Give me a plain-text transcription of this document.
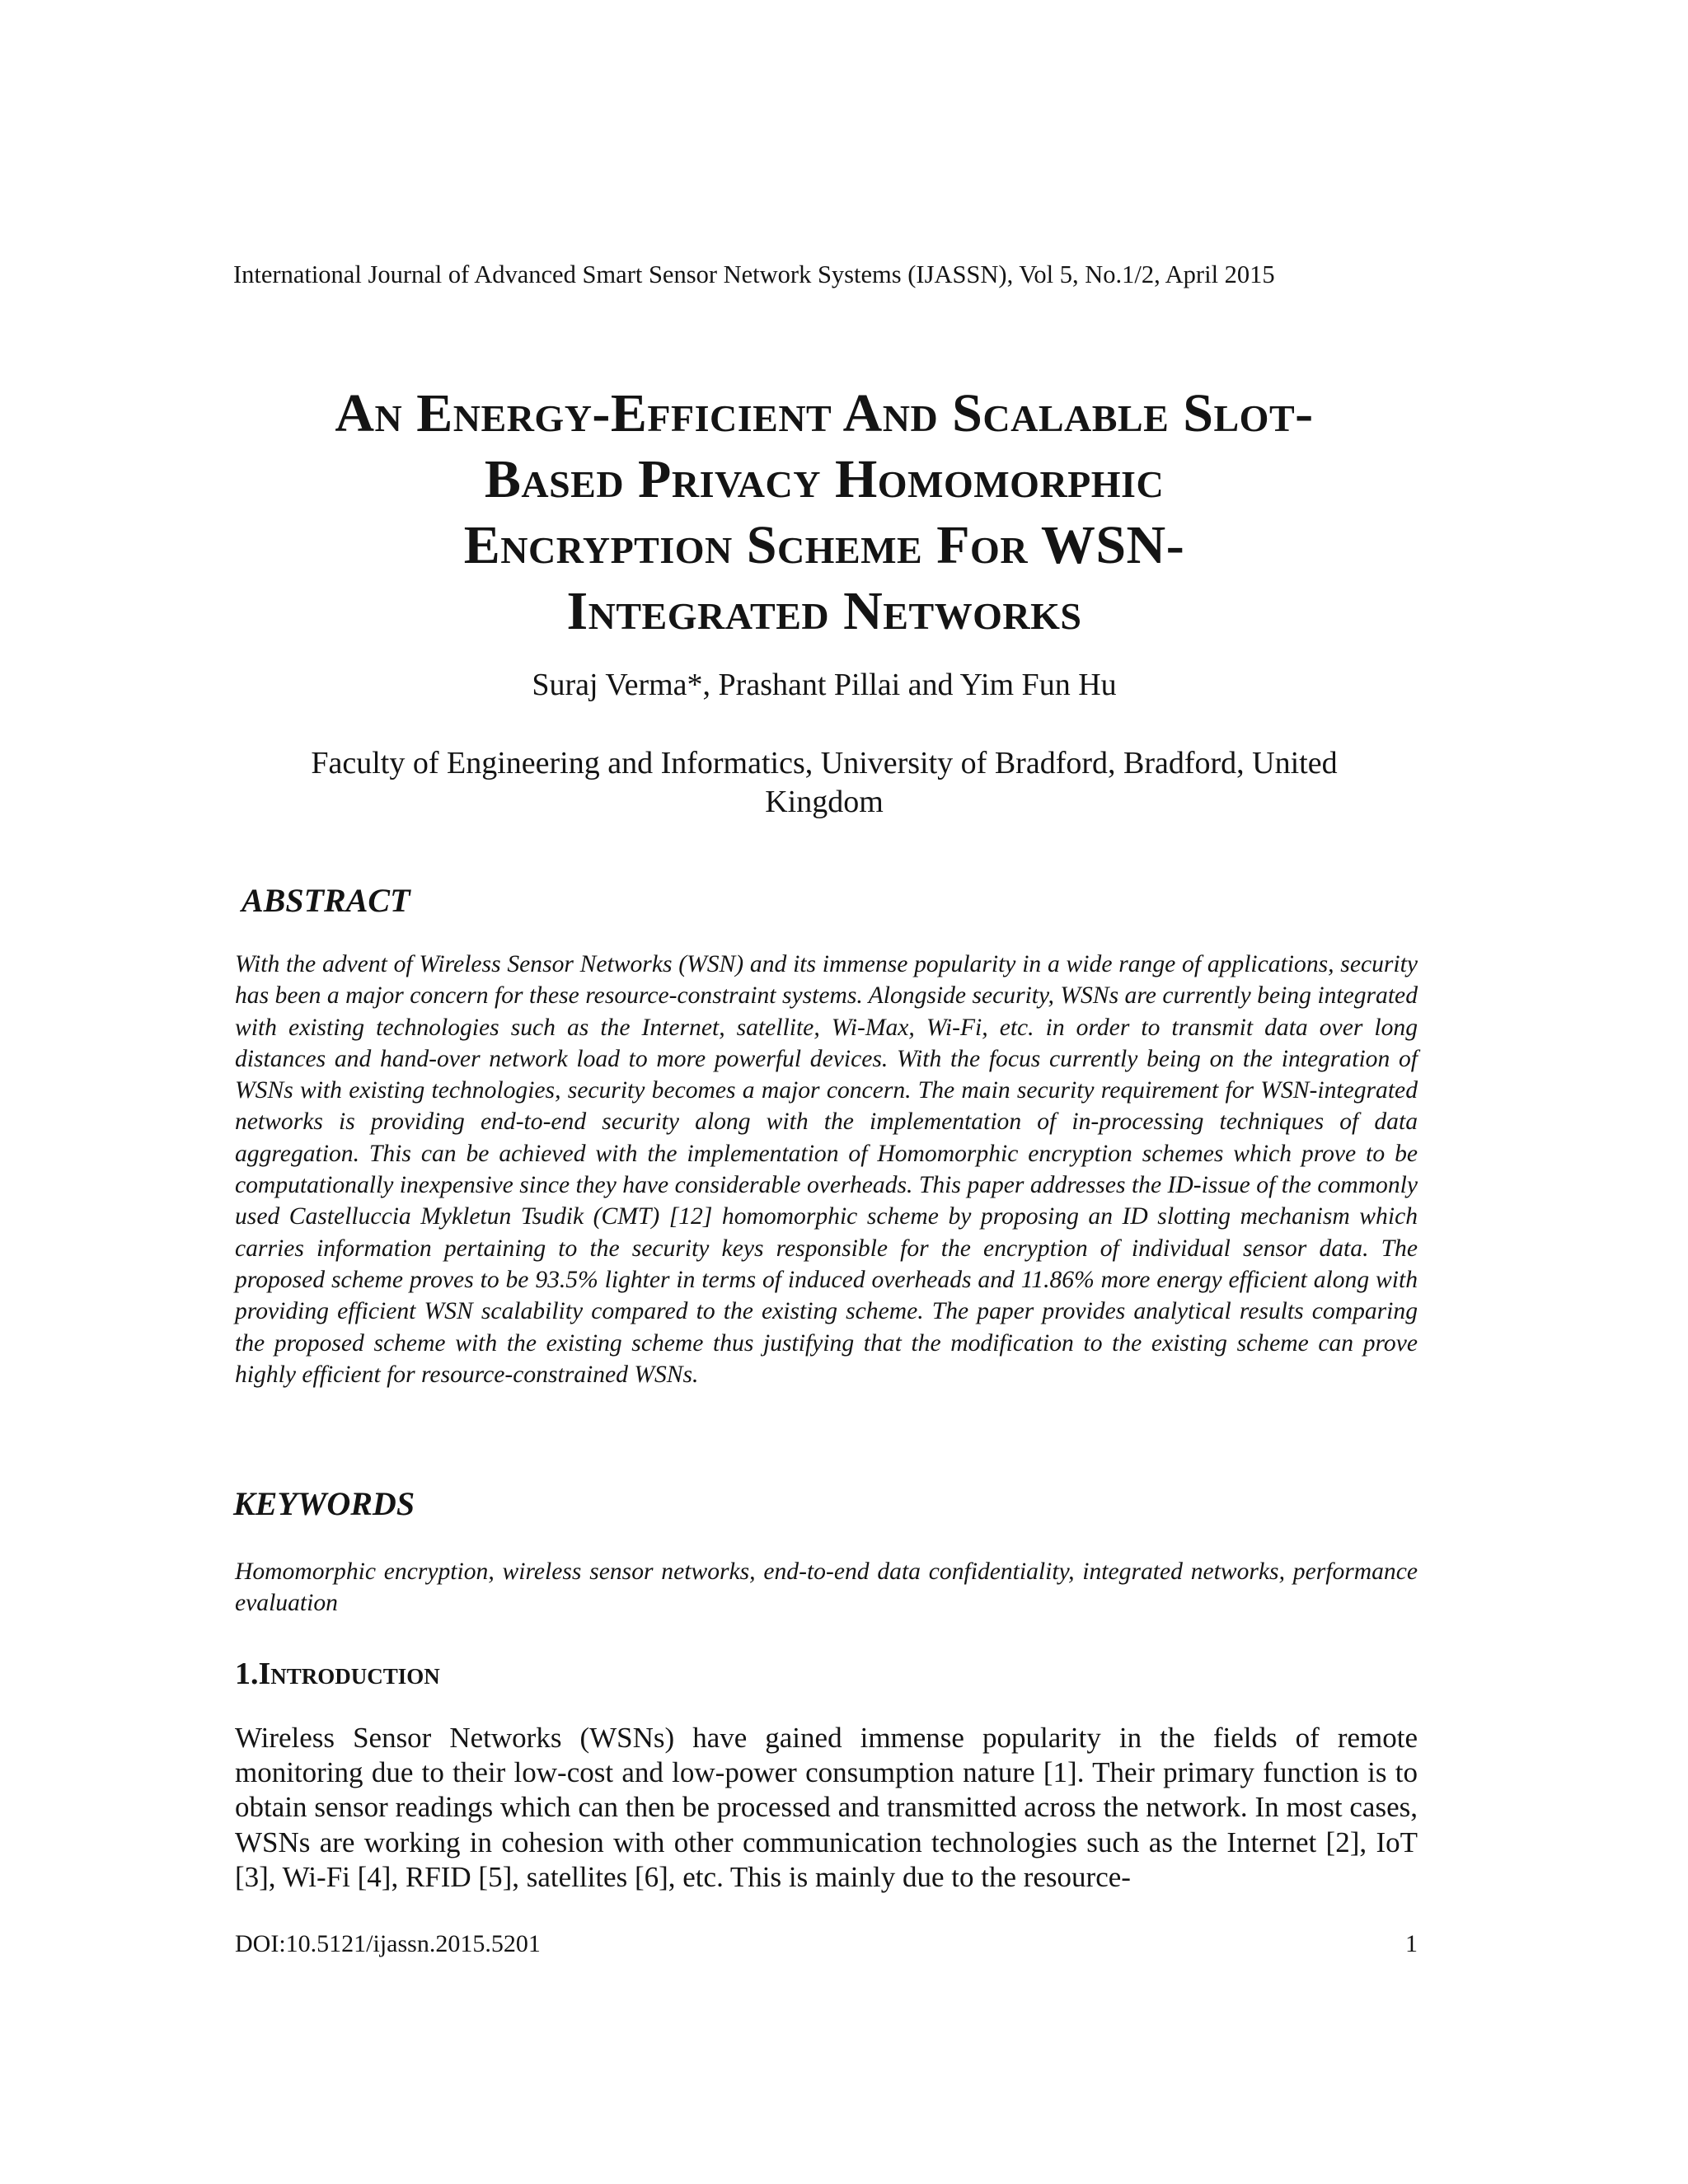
International Journal of Advanced Smart Sensor Network Systems (IJASSN), Vol 5, No.1/2, April 2015
An Energy-Efficient And Scalable Slot-
Based Privacy Homomorphic
Encryption Scheme For WSN-
Integrated Networks
Suraj Verma*, Prashant Pillai and Yim Fun Hu
Faculty of Engineering and Informatics, University of Bradford, Bradford, United Kingdom
ABSTRACT
With the advent of Wireless Sensor Networks (WSN) and its immense popularity in a wide range of applications, security has been a major concern for these resource-constraint systems. Alongside security, WSNs are currently being integrated with existing technologies such as the Internet, satellite, Wi-Max, Wi-Fi, etc. in order to transmit data over long distances and hand-over network load to more powerful devices. With the focus currently being on the integration of WSNs with existing technologies, security becomes a major concern. The main security requirement for WSN-integrated networks is providing end-to-end security along with the implementation of in-processing techniques of data aggregation. This can be achieved with the implementation of Homomorphic encryption schemes which prove to be computationally inexpensive since they have considerable overheads. This paper addresses the ID-issue of the commonly used Castelluccia Mykletun Tsudik (CMT) [12] homomorphic scheme by proposing an ID slotting mechanism which carries information pertaining to the security keys responsible for the encryption of individual sensor data. The proposed scheme proves to be 93.5% lighter in terms of induced overheads and 11.86% more energy efficient along with providing efficient WSN scalability compared to the existing scheme. The paper provides analytical results comparing the proposed scheme with the existing scheme thus justifying that the modification to the existing scheme can prove highly efficient for resource-constrained WSNs.
KEYWORDS
Homomorphic encryption, wireless sensor networks, end-to-end data confidentiality, integrated networks, performance evaluation
1.Introduction
Wireless Sensor Networks (WSNs) have gained immense popularity in the fields of remote monitoring due to their low-cost and low-power consumption nature [1]. Their primary function is to obtain sensor readings which can then be processed and transmitted across the network. In most cases, WSNs are working in cohesion with other communication technologies such as the Internet [2], IoT [3], Wi-Fi [4], RFID [5], satellites [6], etc. This is mainly due to the resource-
DOI:10.5121/ijassn.2015.5201	1
